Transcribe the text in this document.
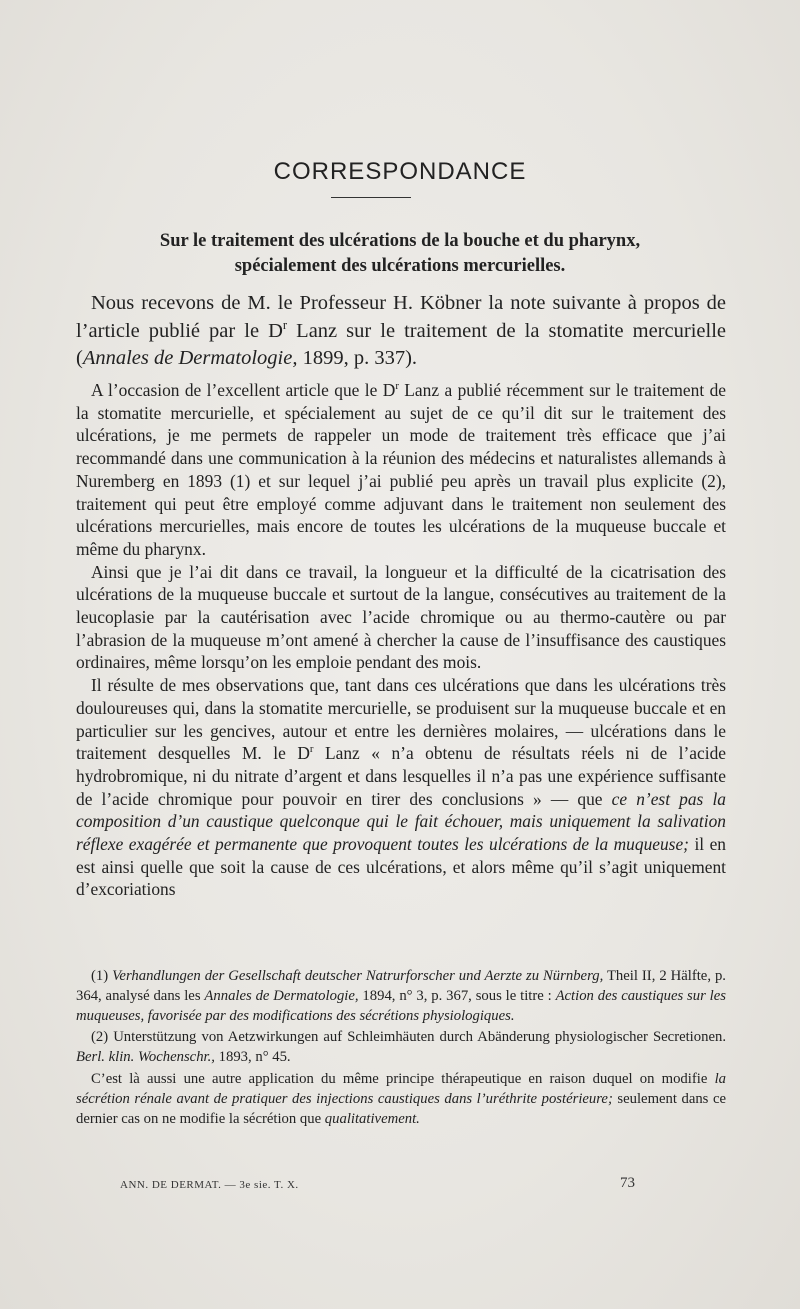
CORRESPONDANCE
Sur le traitement des ulcérations de la bouche et du pharynx,
spécialement des ulcérations mercurielles.

Nous recevons de M. le Professeur H. Köbner la note suivante à propos de l’article publié par le $D^r$ Lanz sur le traitement de la stomatite mercurielle (Annales de Dermatologie, 1899, p. 337).

A l’occasion de l’excellent article que le $D^r$ Lanz a publié récemment sur le traitement de la stomatite mercurielle, et spécialement au sujet de ce qu’il dit sur le traitement des ulcérations, je me permets de rappeler un mode de traitement très efficace que j’ai recommandé dans une communication à la réunion des médecins et naturalistes allemands à Nuremberg en 1893 (1) et sur lequel j’ai publié peu après un travail plus explicite (2), traitement qui peut être employé comme adjuvant dans le traitement non seulement des ulcérations mercurielles, mais encore de toutes les ulcérations de la muqueuse buccale et même du pharynx.

Ainsi que je l’ai dit dans ce travail, la longueur et la difficulté de la cicatrisation des ulcérations de la muqueuse buccale et surtout de la langue, consécutives au traitement de la leucoplasie par la cautérisation avec l’acide chromique ou au thermo-cautère ou par l’abrasion de la muqueuse m’ont amené à chercher la cause de l’insuffisance des caustiques ordinaires, même lorsqu’on les emploie pendant des mois.

Il résulte de mes observations que, tant dans ces ulcérations que dans les ulcérations très douloureuses qui, dans la stomatite mercurielle, se produisent sur la muqueuse buccale et en particulier sur les gencives, autour et entre les dernières molaires, — ulcérations dans le traitement desquelles M. le $D^r$ Lanz « n’a obtenu de résultats réels ni de l’acide hydrobromique, ni du nitrate d’argent et dans lesquelles il n’a pas une expérience suffisante de l’acide chromique pour pouvoir en tirer des conclusions » — que ce n’est pas la composition d’un caustique quelconque qui le fait échouer, mais uniquement la salivation réflexe exagérée et permanente que provoquent toutes les ulcérations de la muqueuse; il en est ainsi quelle que soit la cause de ces ulcérations, et alors même qu’il s’agit uniquement d’excoriations

(1) Verhandlungen der Gesellschaft deutscher Natrurforscher und Aerzte zu Nürnberg, Theil II, 2 Hälfte, p. 364, analysé dans les Annales de Dermatologie, 1894, n° 3, p. 367, sous le titre : Action des caustiques sur les muqueuses, favorisée par des modifications des sécrétions physiologiques.

(2) Unterstützung von Aetzwirkungen auf Schleimhäuten durch Abänderung physiologischer Secretionen. Berl. klin. Wochenschr., 1893, n° 45.

C’est là aussi une autre application du même principe thérapeutique en raison duquel on modifie la sécrétion rénale avant de pratiquer des injections caustiques dans l’uréthrite postérieure; seulement dans ce dernier cas on ne modifie la sécrétion que qualitativement.

ANN. DE DERMAT. — 3e sie. T. X.	73
